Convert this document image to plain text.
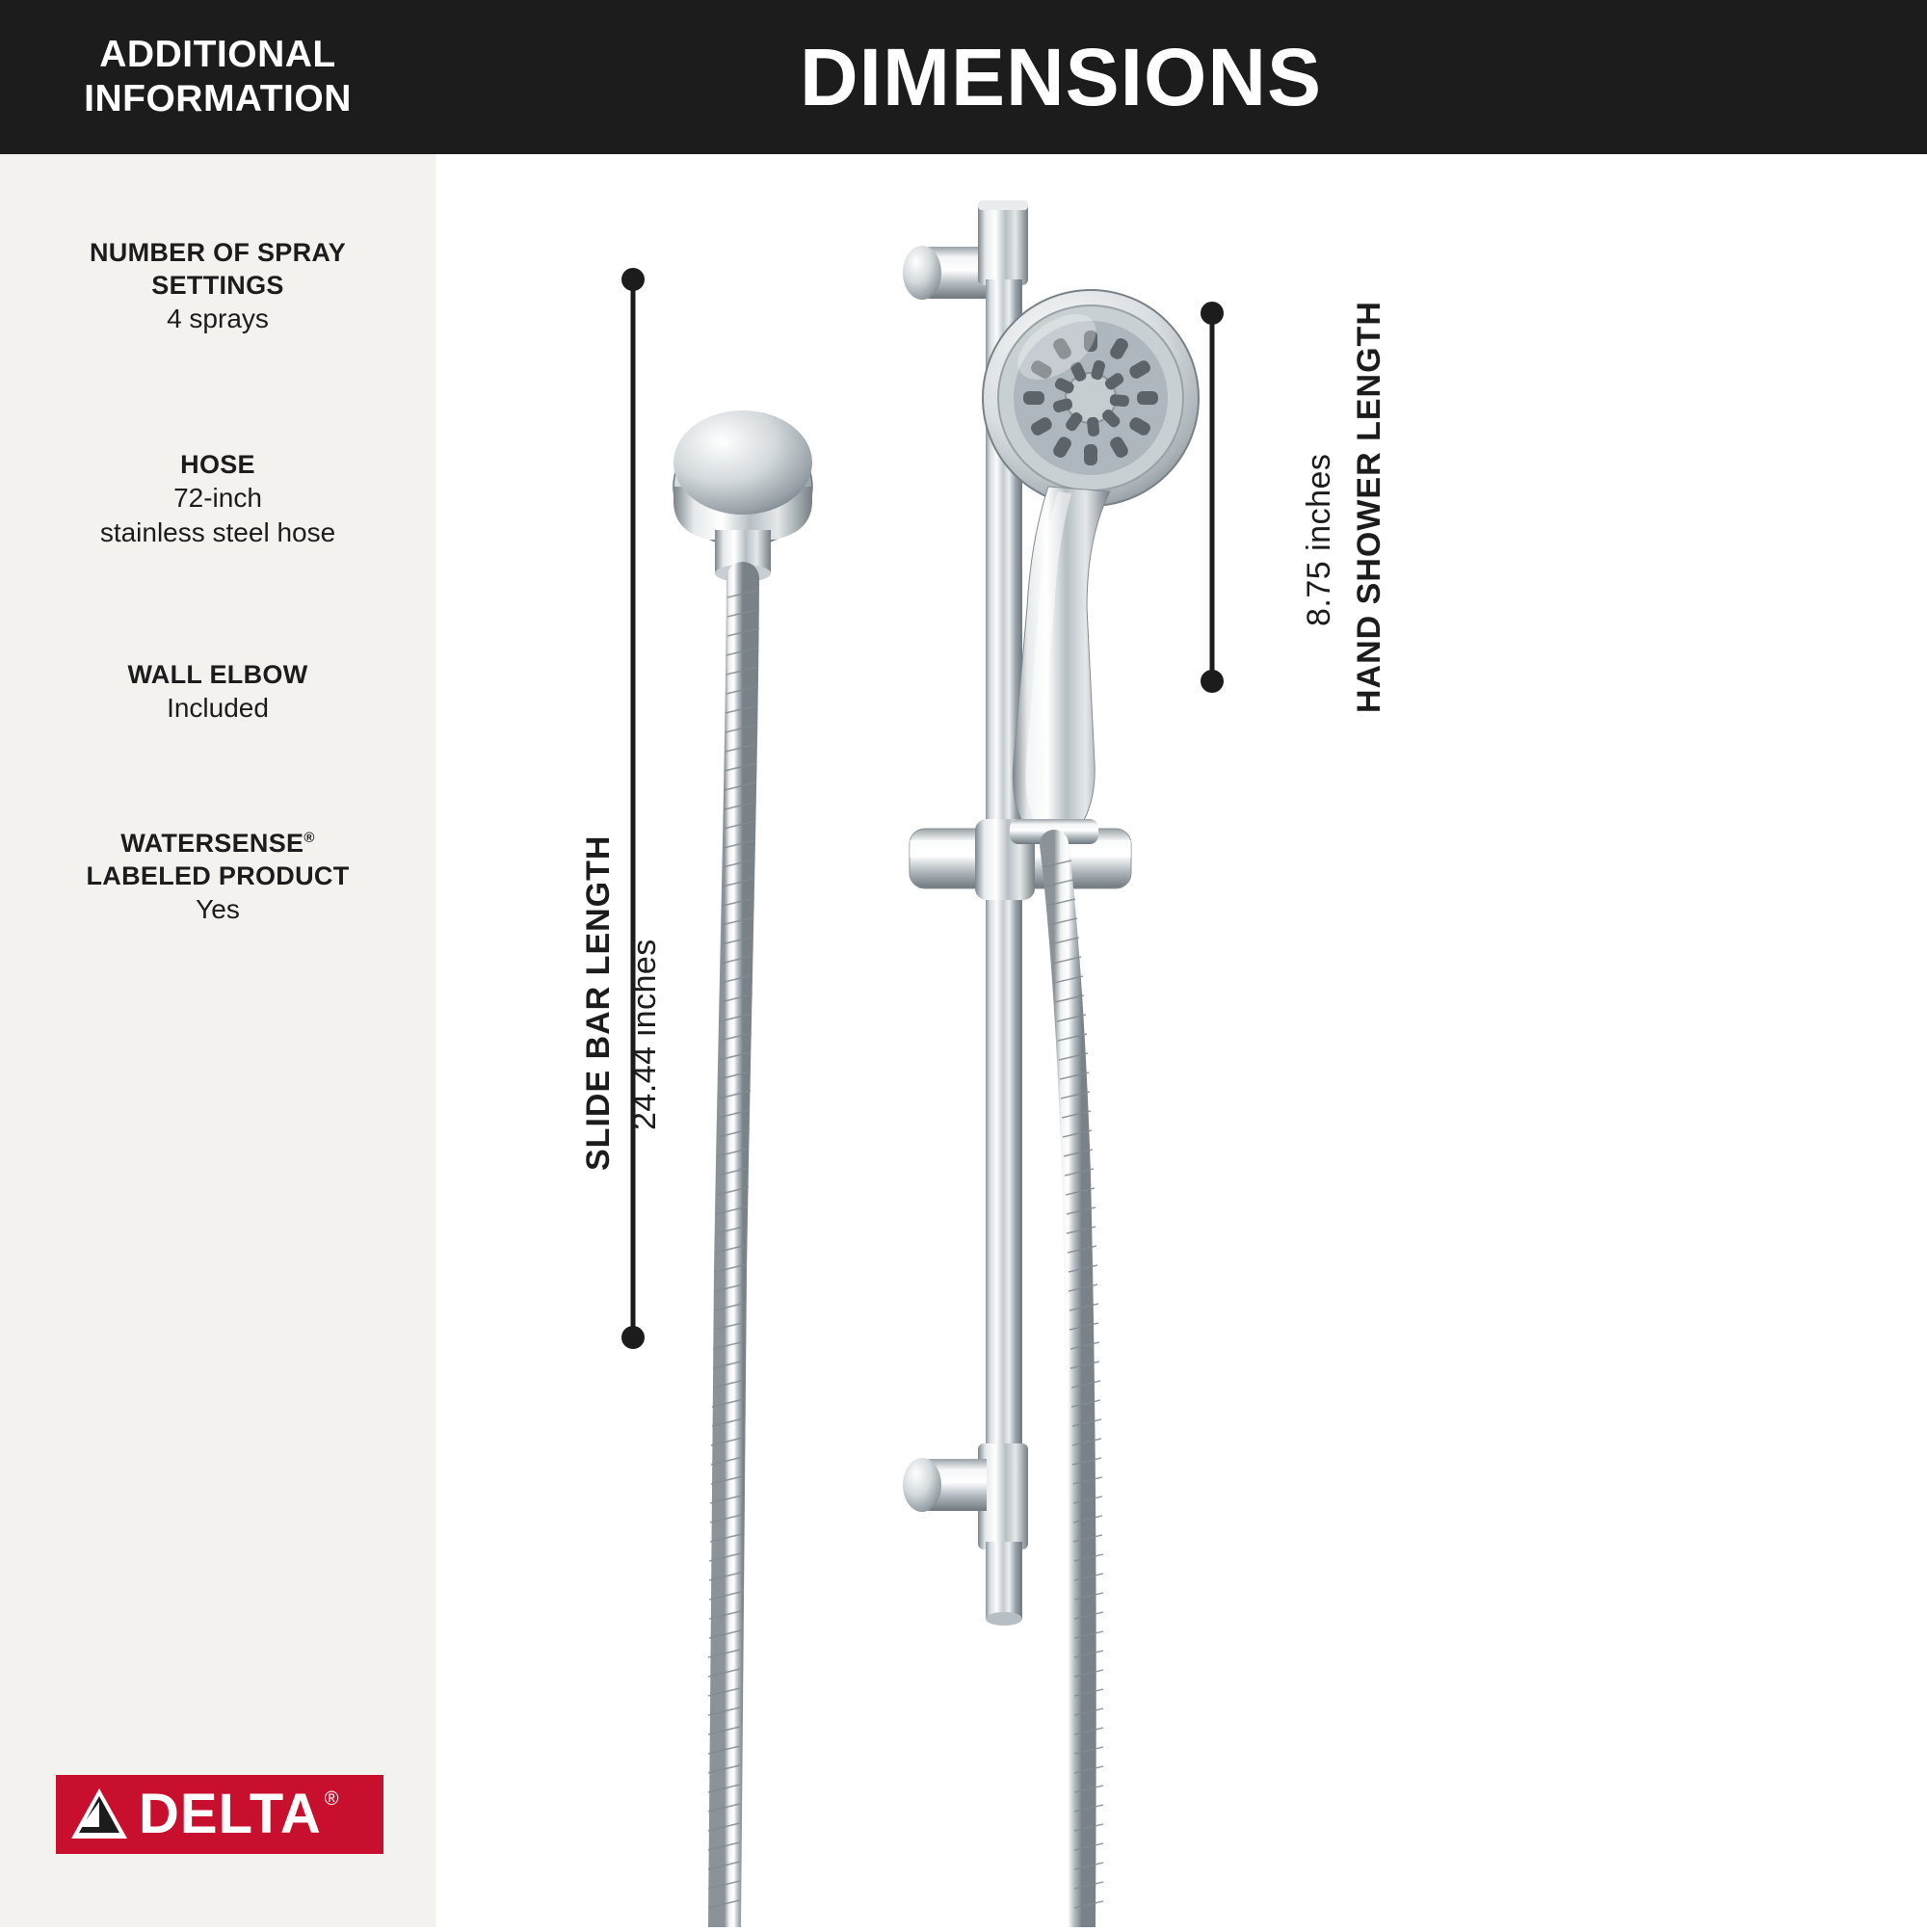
ADDITIONAL
INFORMATION
NUMBER OF SPRAY
SETTINGS
4 sprays
HOSE
72-inch
stainless steel hose
WALL ELBOW
Included
WATERSENSE®
LABELED PRODUCT
Yes
DELTA ®
DIMENSIONS
SLIDE BAR LENGTH 24.44 inches
HAND SHOWER LENGTH
8.75 inches
